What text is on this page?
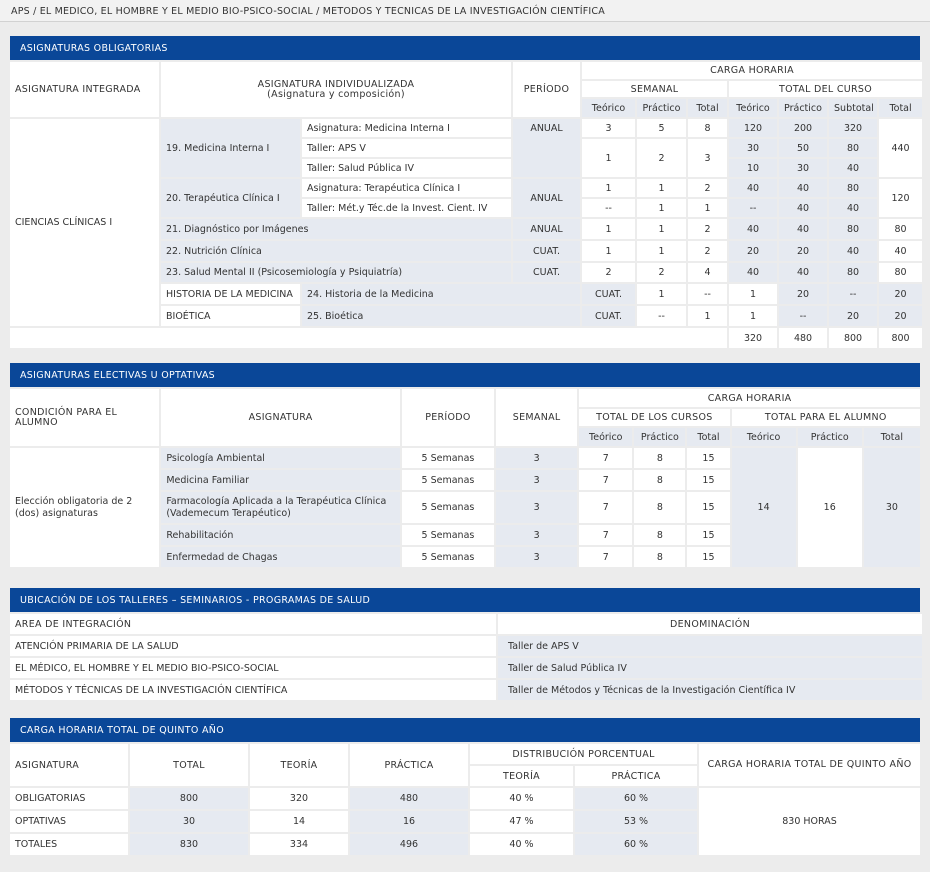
APS / EL MEDICO, EL HOMBRE Y EL MEDIO BIO-PSICO-SOCIAL / METODOS Y TECNICAS DE LA INVESTIGACIÓN CIENTÍFICA
ASIGNATURAS OBLIGATORIAS
ASIGNATURA INTEGRADA	ASIGNATURA INDIVIDUALIZADA
(Asignatura y composición)		PERÍODO	CARGA HORARIA							
				SEMANAL			TOTAL DEL CURSO				
				Teórico	Práctico	Total	Teórico	Práctico	Subtotal	Total	
CIENCIAS CLÍNICAS I	19. Medicina Interna I	Asignatura: Medicina Interna I	ANUAL	3	5	8	120	200	320	440	
		Taller: APS V		1	2	3	30	50	80		
		Taller: Salud Pública IV					10	30	40		
	20. Terapéutica Clínica I	Asignatura: Terapéutica Clínica I	ANUAL	1	1	2	40	40	80	120	
		Taller: Mét.y Téc.de la Invest. Cient. IV		--	1	1	--	40	40		
	21. Diagnóstico por Imágenes		ANUAL	1	1	2	40	40	80	80	
	22. Nutrición Clínica		CUAT.	1	1	2	20	20	40	40	
	23. Salud Mental II (Psicosemiología y Psiquiatría)		CUAT.	2	2	4	40	40	80	80	
	HISTORIA DE LA MEDICINA	24. Historia de la Medicina		CUAT.	1	--	1	20	--	20	
	BIOÉTICA	25. Bioética		CUAT.	--	1	1	--	20	20	
							320	480	800	800	
ASIGNATURAS ELECTIVAS U OPTATIVAS
CONDICIÓN PARA EL ALUMNO	ASIGNATURA	PERÍODO	SEMANAL	CARGA HORARIA					
				TOTAL DE LOS CURSOS			TOTAL PARA EL ALUMNO		
				Teórico	Práctico	Total	Teórico	Práctico	Total
Elección obligatoria de 2 (dos) asignaturas	Psicología Ambiental	5 Semanas	3	7	8	15	14	16	30
	Medicina Familiar	5 Semanas	3	7	8	15			
	Farmacología Aplicada a la Terapéutica Clínica (Vademecum Terapéutico)	5 Semanas	3	7	8	15			
	Rehabilitación	5 Semanas	3	7	8	15			
	Enfermedad de Chagas	5 Semanas	3	7	8	15			
UBICACIÓN DE LOS TALLERES – SEMINARIOS - PROGRAMAS DE SALUD
AREA DE INTEGRACIÓN	DENOMINACIÓN
ATENCIÓN PRIMARIA DE LA SALUD	Taller de APS V
EL MÉDICO, EL HOMBRE Y EL MEDIO BIO-PSICO-SOCIAL	Taller de Salud Pública IV
MÉTODOS Y TÉCNICAS DE LA INVESTIGACIÓN CIENTÍFICA	Taller de Métodos y Técnicas de la Investigación Científica IV
CARGA HORARIA TOTAL DE QUINTO AÑO
ASIGNATURA	TOTAL	TEORÍA	PRÁCTICA	DISTRIBUCIÓN PORCENTUAL		CARGA HORARIA TOTAL DE QUINTO AÑO
				TEORÍA	PRÁCTICA	
OBLIGATORIAS	800	320	480	40 %	60 %	830 HORAS
OPTATIVAS	30	14	16	47 %	53 %	
TOTALES	830	334	496	40 %	60 %	
